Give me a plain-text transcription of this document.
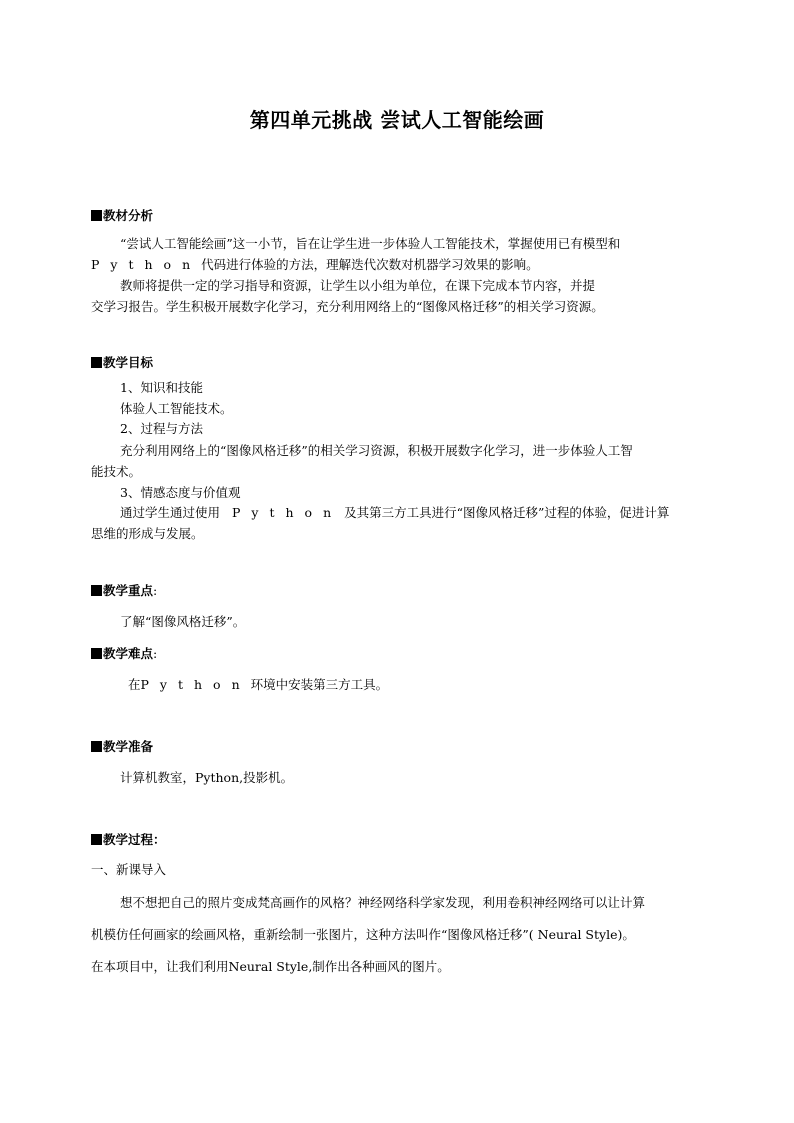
第四单元挑战 尝试人工智能绘画
教材分析
“尝试人工智能绘画”这一小节，旨在让学生进一步体验人工智能技术，掌握使用已有模型和
Python代码进行体验的方法，理解迭代次数对机器学习效果的影响。
教师将提供一定的学习指导和资源，让学生以小组为单位，在课下完成本节内容，并提
交学习报告。学生积极开展数字化学习，充分利用网络上的“图像风格迁移”的相关学习资源。
教学目标
1、知识和技能
体验人工智能技术。
2、过程与方法
充分利用网络上的“图像风格迁移”的相关学习资源，积极开展数字化学习，进一步体验人工智
能技术。
3、情感态度与价值观
通过学生通过使用 Python 及其第三方工具进行“图像风格迁移”过程的体验，促进计算
思维的形成与发展。
教学重点:
了解“图像风格迁移”。
教学难点:
在Python环境中安装第三方工具。
教学准备
计算机教室，Python,投影机。
教学过程：
一、新课导入
想不想把自己的照片变成梵高画作的风格？神经网络科学家发现，利用卷积神经网络可以让计算
机模仿任何画家的绘画风格，重新绘制一张图片，这种方法叫作“图像风格迁移”( Neural Style)。
在本项目中，让我们利用Neural Style,制作出各种画风的图片。
